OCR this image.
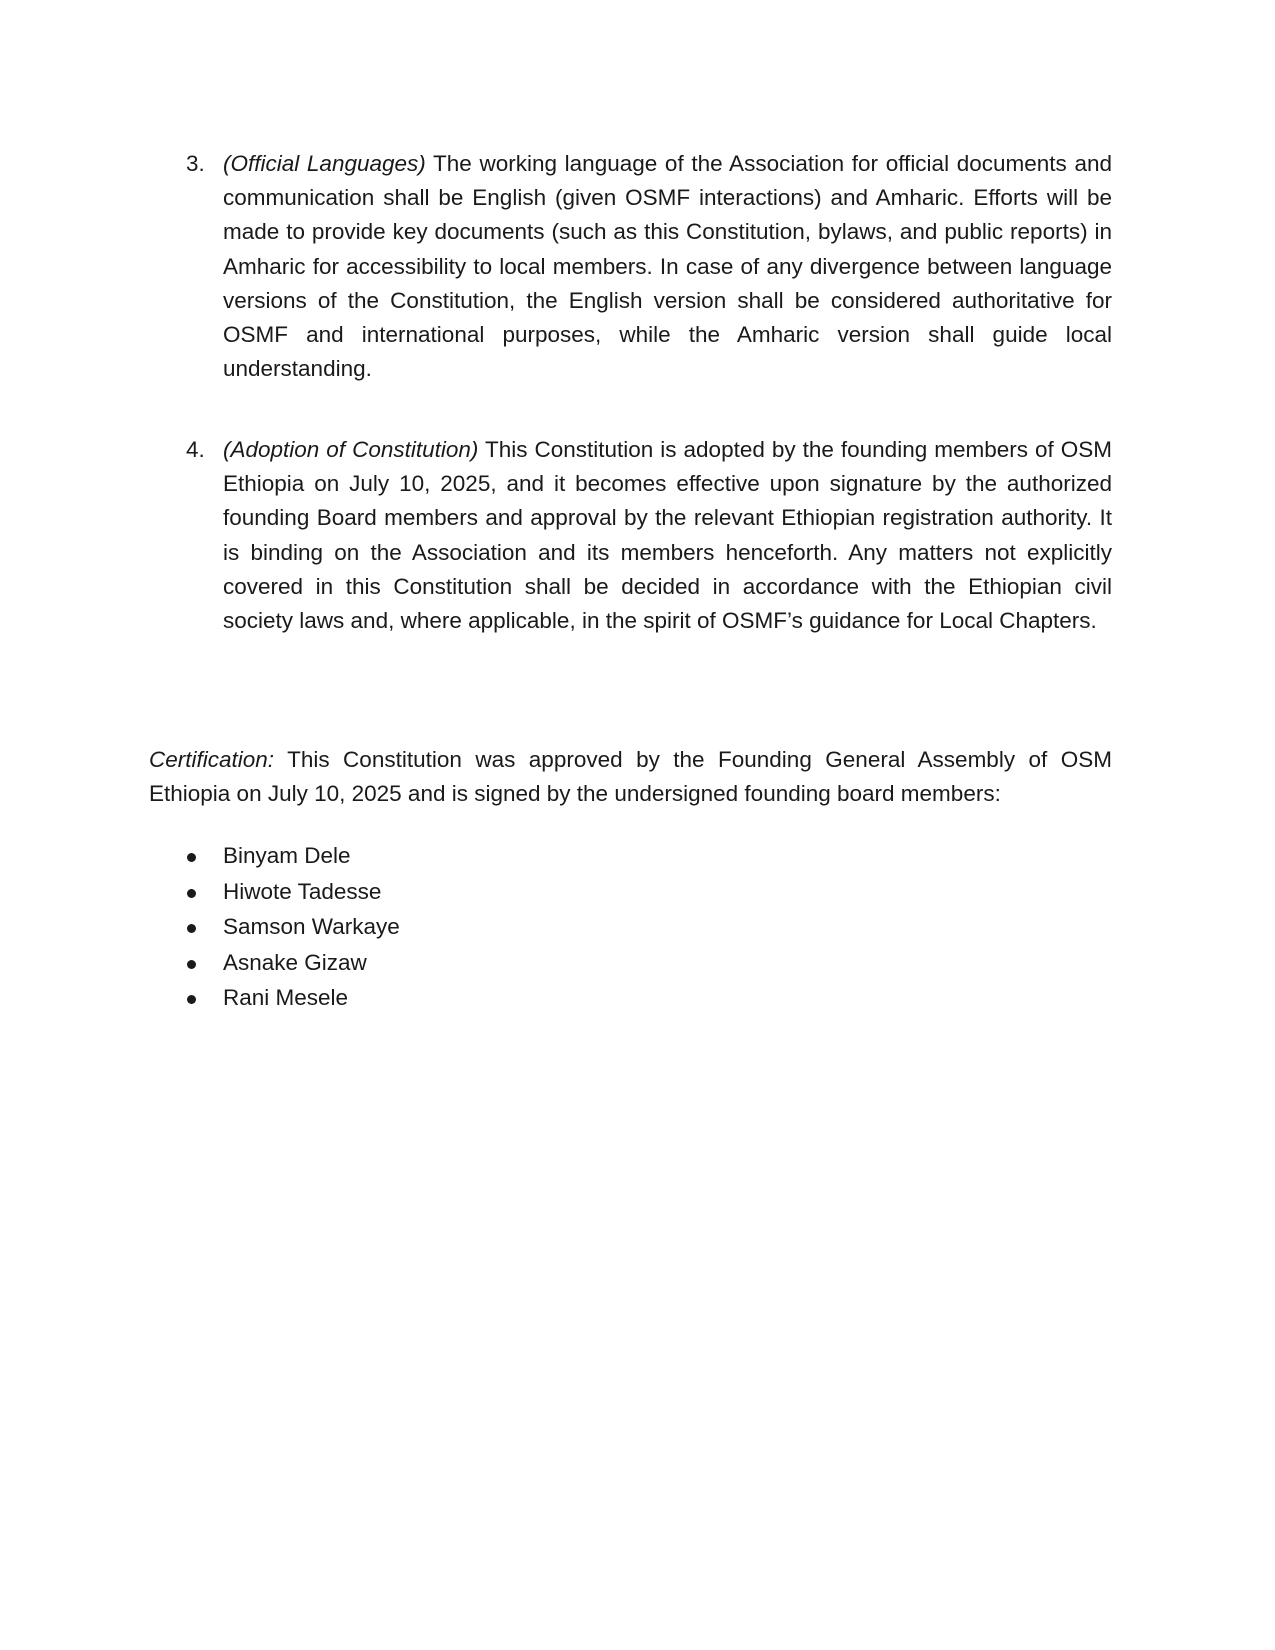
3. (Official Languages) The working language of the Association for official documents and communication shall be English (given OSMF interactions) and Amharic. Efforts will be made to provide key documents (such as this Constitution, bylaws, and public reports) in Amharic for accessibility to local members. In case of any divergence between language versions of the Constitution, the English version shall be considered authoritative for OSMF and international purposes, while the Amharic version shall guide local understanding.

4. (Adoption of Constitution) This Constitution is adopted by the founding members of OSM Ethiopia on July 10, 2025, and it becomes effective upon signature by the authorized founding Board members and approval by the relevant Ethiopian registration authority. It is binding on the Association and its members henceforth. Any matters not explicitly covered in this Constitution shall be decided in accordance with the Ethiopian civil society laws and, where applicable, in the spirit of OSMF’s guidance for Local Chapters.

Certification: This Constitution was approved by the Founding General Assembly of OSM Ethiopia on July 10, 2025 and is signed by the undersigned founding board members:

Binyam Dele
Hiwote Tadesse
Samson Warkaye
Asnake Gizaw
Rani Mesele
